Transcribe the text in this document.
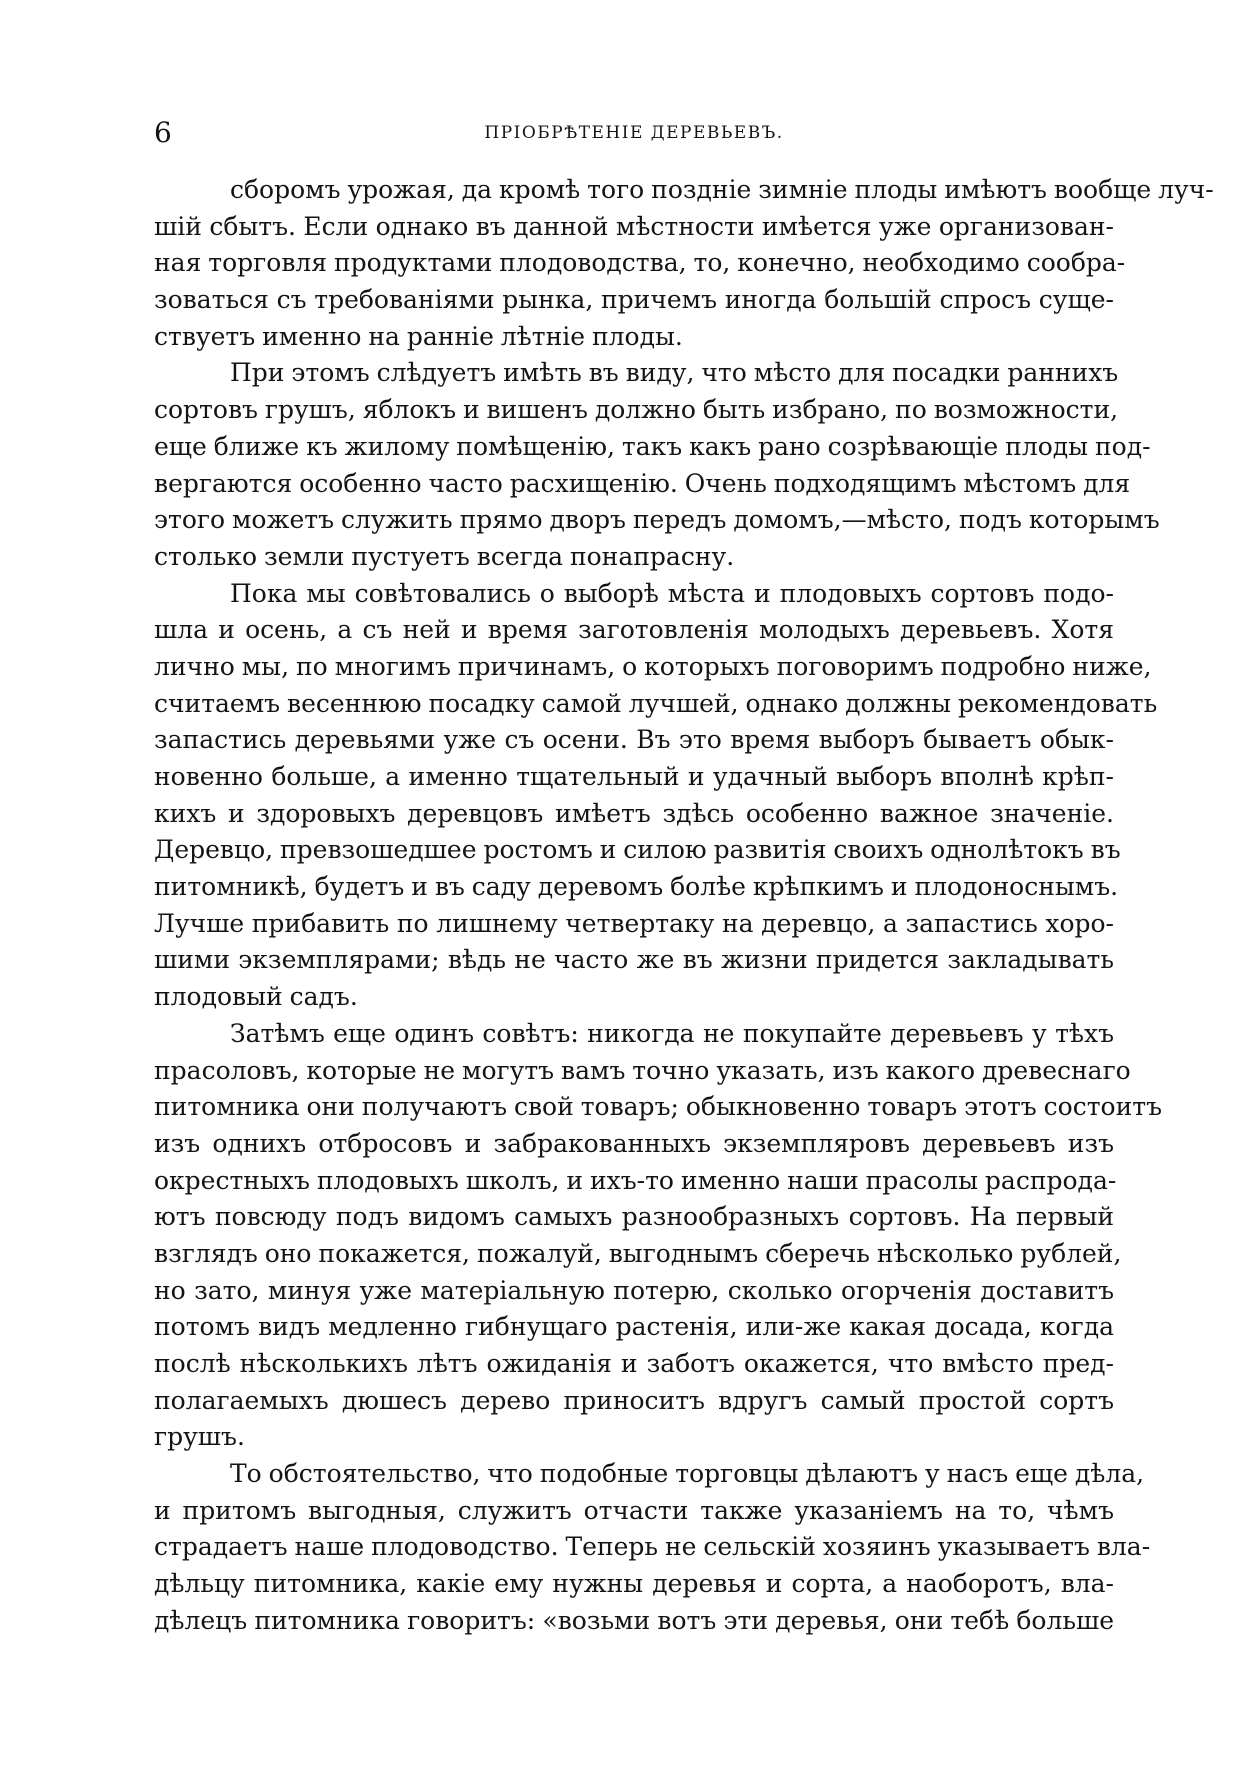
6	ПРІОБРѢТЕНІЕ ДЕРЕВЬЕВЪ.
сборомъ урожая, да кромѣ того поздніе зимніе плоды имѣютъ вообще луч-
шій сбытъ. Если однако въ данной мѣстности имѣется уже организован-
ная торговля продуктами плодоводства, то, конечно, необходимо сообра-
зоваться съ требованіями рынка, причемъ иногда большій спросъ суще-
ствуетъ именно на ранніе лѣтніе плоды.
При этомъ слѣдуетъ имѣть въ виду, что мѣсто для посадки раннихъ
сортовъ грушъ, яблокъ и вишенъ должно быть избрано, по возможности,
еще ближе къ жилому помѣщенію, такъ какъ рано созрѣвающіе плоды под-
вергаются особенно часто расхищенію. Очень подходящимъ мѣстомъ для
этого можетъ служить прямо дворъ передъ домомъ,—мѣсто, подъ которымъ
столько земли пустуетъ всегда понапрасну.
Пока мы совѣтовались о выборѣ мѣста и плодовыхъ сортовъ подо-
шла и осень, а съ ней и время заготовленія молодыхъ деревьевъ. Хотя
лично мы, по многимъ причинамъ, о которыхъ поговоримъ подробно ниже,
считаемъ весеннюю посадку самой лучшей, однако должны рекомендовать
запастись деревьями уже съ осени. Въ это время выборъ бываетъ обык-
новенно больше, а именно тщательный и удачный выборъ вполнѣ крѣп-
кихъ и здоровыхъ деревцовъ имѣетъ здѣсь особенно важное значеніе.
Деревцо, превзошедшее ростомъ и силою развитія своихъ однолѣтокъ въ
питомникѣ, будетъ и въ саду деревомъ болѣе крѣпкимъ и плодоноснымъ.
Лучше прибавить по лишнему четвертаку на деревцо, а запастись хоро-
шими экземплярами; вѣдь не часто же въ жизни придется закладывать
плодовый садъ.
Затѣмъ еще одинъ совѣтъ: никогда не покупайте деревьевъ у тѣхъ
прасоловъ, которые не могутъ вамъ точно указать, изъ какого древеснаго
питомника они получаютъ свой товаръ; обыкновенно товаръ этотъ состоитъ
изъ однихъ отбросовъ и забракованныхъ экземпляровъ деревьевъ изъ
окрестныхъ плодовыхъ школъ, и ихъ-то именно наши прасолы распрода-
ютъ повсюду подъ видомъ самыхъ разнообразныхъ сортовъ. На первый
взглядъ оно покажется, пожалуй, выгоднымъ сберечь нѣсколько рублей,
но зато, минуя уже матеріальную потерю, сколько огорченія доставитъ
потомъ видъ медленно гибнущаго растенія, или-же какая досада, когда
послѣ нѣсколькихъ лѣтъ ожиданія и заботъ окажется, что вмѣсто пред-
полагаемыхъ дюшесъ дерево приноситъ вдругъ самый простой сортъ
грушъ.
То обстоятельство, что подобные торговцы дѣлаютъ у насъ еще дѣла,
и притомъ выгодныя, служитъ отчасти также указаніемъ на то, чѣмъ
страдаетъ наше плодоводство. Теперь не сельскій хозяинъ указываетъ вла-
дѣльцу питомника, какіе ему нужны деревья и сорта, а наоборотъ, вла-
дѣлецъ питомника говоритъ: «возьми вотъ эти деревья, они тебѣ больше
